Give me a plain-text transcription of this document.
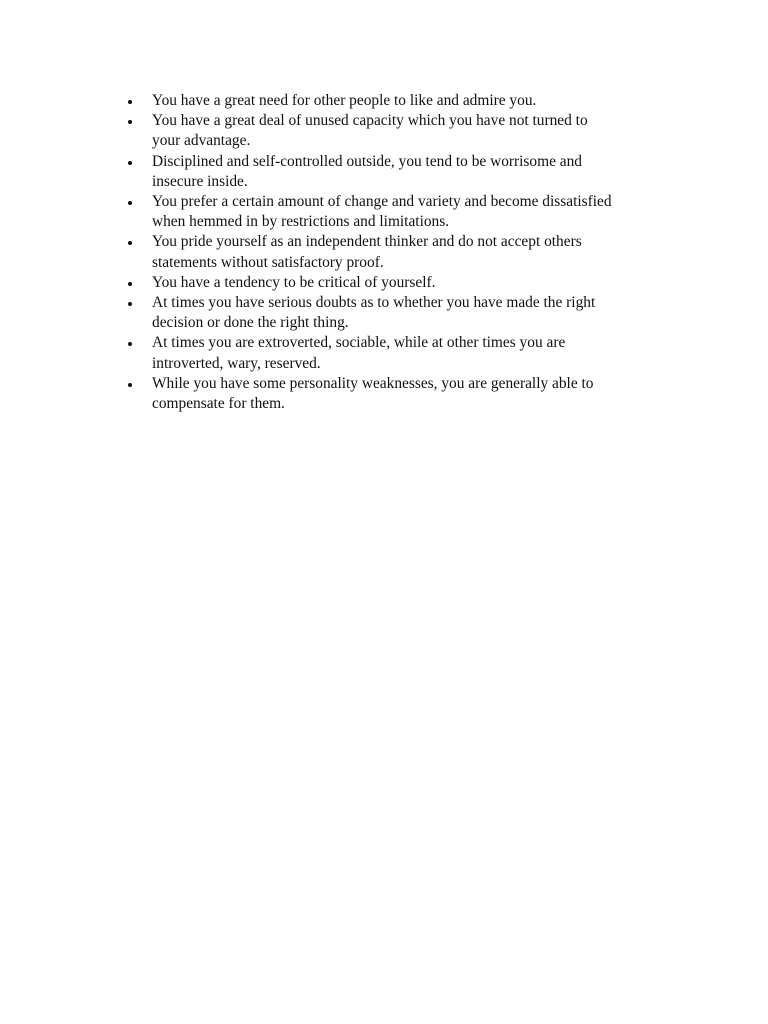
You have a great need for other people to like and admire you.
You have a great deal of unused capacity which you have not turned to
your advantage.
Disciplined and self-controlled outside, you tend to be worrisome and
insecure inside.
You prefer a certain amount of change and variety and become dissatisfied
when hemmed in by restrictions and limitations.
You pride yourself as an independent thinker and do not accept others
statements without satisfactory proof.
You have a tendency to be critical of yourself.
At times you have serious doubts as to whether you have made the right
decision or done the right thing.
At times you are extroverted, sociable, while at other times you are
introverted, wary, reserved.
While you have some personality weaknesses, you are generally able to
compensate for them.
